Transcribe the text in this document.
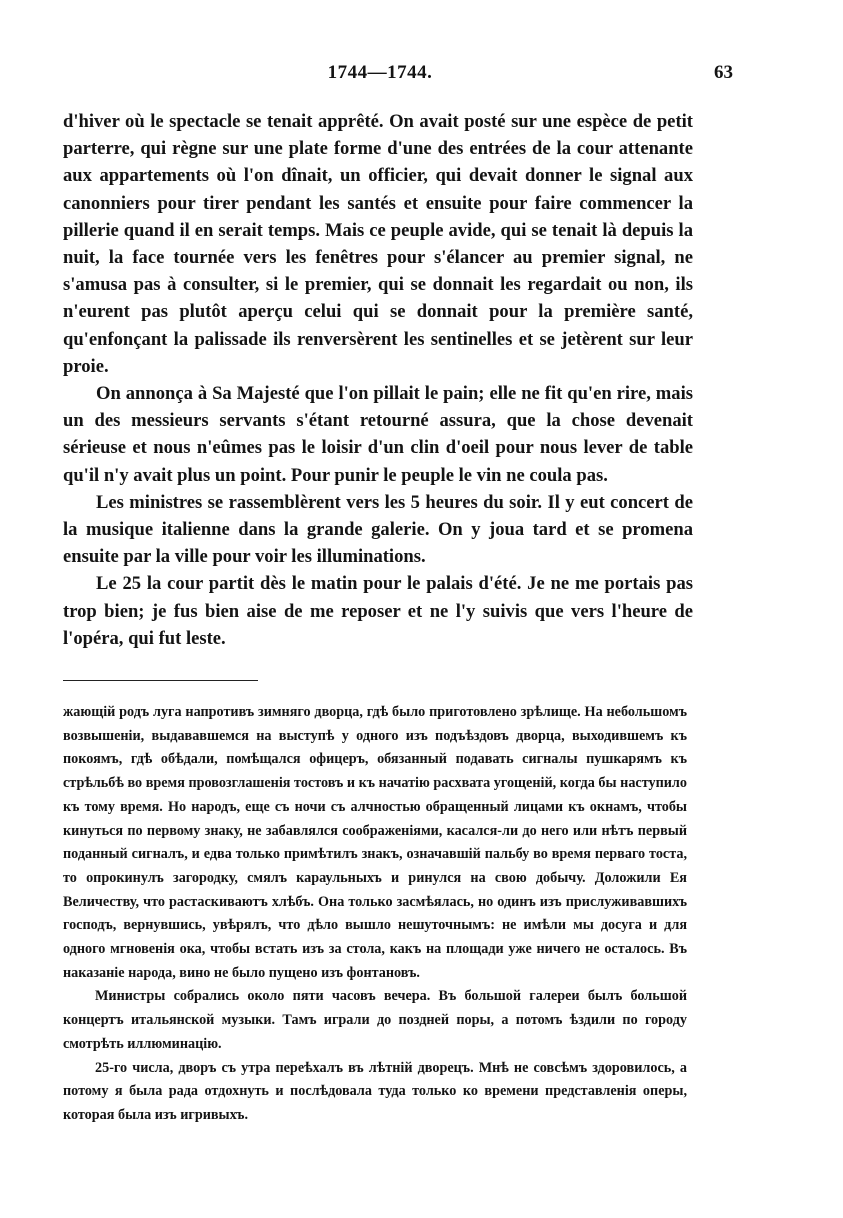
1744—1744.	63

d'hiver où le spectacle se tenait apprêté. On avait posté sur une espèce de petit parterre, qui règne sur une plate forme d'une des entrées de la cour attenante aux appartements où l'on dînait, un officier, qui devait donner le signal aux canonniers pour tirer pendant les santés et ensuite pour faire commencer la pillerie quand il en serait temps. Mais ce peuple avide, qui se tenait là depuis la nuit, la face tournée vers les fenêtres pour s'élancer au premier signal, ne s'amusa pas à consulter, si le premier, qui se donnait les regardait ou non, ils n'eurent pas plutôt aperçu celui qui se donnait pour la première santé, qu'enfonçant la palissade ils renversèrent les sentinelles et se jetèrent sur leur proie.

On annonça à Sa Majesté que l'on pillait le pain; elle ne fit qu'en rire, mais un des messieurs servants s'étant retourné assura, que la chose devenait sérieuse et nous n'eûmes pas le loisir d'un clin d'oeil pour nous lever de table qu'il n'y avait plus un point. Pour punir le peuple le vin ne coula pas.

Les ministres se rassemblèrent vers les 5 heures du soir. Il y eut concert de la musique italienne dans la grande galerie. On y joua tard et se promena ensuite par la ville pour voir les illuminations.

Le 25 la cour partit dès le matin pour le palais d'été. Je ne me portais pas trop bien; je fus bien aise de me reposer et ne l'y suivis que vers l'heure de l'opéra, qui fut leste.

жающій родъ луга напротивъ зимняго дворца, гдѣ было приготовлено зрѣлище. На небольшомъ возвышеніи, выдававшемся на выступѣ у одного изъ подъѣздовъ дворца, выходившемъ къ покоямъ, гдѣ обѣдали, помѣщался офицеръ, обязанный подавать сигналы пушкарямъ къ стрѣльбѣ во время провозглашенія тостовъ и къ начатію расхвата угощеній, когда бы наступило къ тому время. Но народъ, еще съ ночи съ алчностью обращенный лицами къ окнамъ, чтобы кинуться по первому знаку, не забавлялся соображеніями, касался-ли до него или нѣтъ первый поданный сигналъ, и едва только примѣтилъ знакъ, означавшій пальбу во время перваго тоста, то опрокинулъ загородку, смялъ караульныхъ и ринулся на свою добычу. Доложили Ея Величеству, что растаскиваютъ хлѣбъ. Она только засмѣялась, но одинъ изъ прислуживавшихъ господъ, вернувшись, увѣрялъ, что дѣло вышло нешуточнымъ: не имѣли мы досуга и для одного мгновенія ока, чтобы встать изъ за стола, какъ на площади уже ничего не осталось. Въ наказаніе народа, вино не было пущено изъ фонтановъ.

Министры собрались около пяти часовъ вечера. Въ большой галереи былъ большой концертъ итальянской музыки. Тамъ играли до поздней поры, а потомъ ѣздили по городу смотрѣть иллюминацію.

25-го числа, дворъ съ утра переѣхалъ въ лѣтній дворецъ. Мнѣ не совсѣмъ здоровилось, а потому я была рада отдохнуть и послѣдовала туда только ко времени представленія оперы, которая была изъ игривыхъ.
